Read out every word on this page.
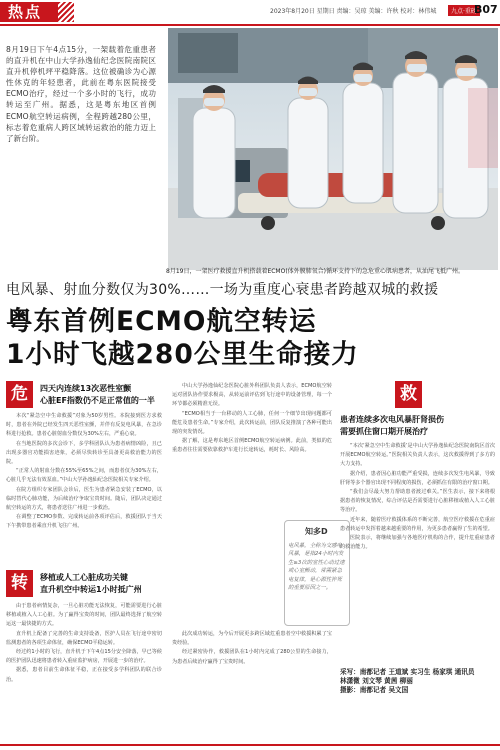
热点	2023年8月20日 星期日 责编：吴琼 美编：许秋 校对：林伟城	九点·重磅
B07
8月19日下午4点15分，一架载着危重患者的直升机在中山大学孙逸仙纪念医院南院区直升机停机坪平稳降落。这位被确诊为心源性休克的年轻患者，此前在粤东医院接受ECMO治疗，经过一个多小时的飞行，成功转运至广州。据悉，这是粤东地区首例ECMO航空转运病例，全程跨越280公里，标志着危重病人跨区域转运救治的能力迈上了新台阶。
8月19日，一架医疗救援直升机搭载着ECMO(体外膜肺氧合)循环支持下的急危重心肌病患者，从汕尾飞抵广州。
电风暴、射血分数仅为30%……一场为重度心衰患者跨越双城的救援
粤东首例ECMO航空转运
1小时飞越280公里生命接力
危	四天内连续13次恶性室颤
心脏EF指数仍不足正常值的一半

本次“紧急空中生命救援”对象为50岁男性。本院接到医方求救时，患者在外院已经发生四天恶性室颤，并伴有反复电风暴，在急诊科进行抢救。患者心脏射血分数仅为30%左右，严重心衰。

在当地医院的多次会诊下，多学科团队认为患者病情凶险，且已出现多器官功能损害迹象，必须尽快转诊至具备更高救治能力的医院。

“正常人的射血分数在55%至65%之间，而患者仅为30%左右，心脏几乎无法有效泵血。”中山大学孙逸仙纪念医院相关专家介绍。

在院方组织专家团队会诊后，医生为患者紧急安装了ECMO，以临时替代心肺功能，为后续治疗争取宝贵时间。随后，团队决定通过航空转运的方式，将患者送往广州进一步救治。

在调整了ECMO参数、完成转运前各项评估后，救援团队于当天下午携带患者乘直升机飞往广州。

转	移植或人工心脏成功关键
直升机空中转运1小时抵广州

由于患者病情复杂，一旦心脏功能无法恢复，可能需要进行心脏移植或植入人工心脏。为了赢得宝贵的时间，团队最终选择了航空转运这一最快捷的方式。

直升机上配备了完善的生命支持设备，医护人员在飞行途中密切监测患者的各项生命体征，确保ECMO平稳运转。

经过约1小时的飞行，直升机于下午4点15分安全降落，早已等候的医护团队迅速将患者转入重症监护病房，开展进一步的治疗。

据悉，患者目前生命体征平稳，正在接受多学科团队的联合诊治。

中山大学孙逸仙纪念医院心脏外科团队负责人表示，ECMO航空转运对团队协作要求极高，从转运前评估到飞行途中的设备管理，每一个环节都必须精准无误。

“ECMO相当于一台移动的人工心肺，任何一个细节出现问题都可能危及患者生命。”专家介绍，此次转运前，团队反复推演了各种可能出现的突发情况。

据了解，这是粤东地区首例ECMO航空转运病例。此前，类似的危重患者往往需要依靠救护车进行长途转运，耗时长、风险高。

此次成功转运，为今后开展更多跨区域危重患者空中救援积累了宝贵经验。

经过紧密协作，救援团队在1小时内完成了280公里的生命接力，为患者后续治疗赢得了宝贵时间。

知多D
电风暴，全称为交感电风暴，是指24小时内发生≥3次的室性心动过速或心室颤动，常需紧急电复律，是心源性猝死的重要原因之一。
救
患者连续多次电风暴肝肾损伤
需要抓住窗口期开展治疗

“本次‘紧急空中生命救援’是中山大学孙逸仙纪念医院南院区首次开展ECMO航空转运。”医院相关负责人表示，这次救援得到了多方的大力支持。

据介绍，患者因心脏功能严重受损，连续多次发生电风暴，导致肝肾等多个器官出现不同程度的损伤，必须抓住有限的治疗窗口期。

“我们会尽最大努力帮助患者渡过难关。”医生表示，接下来将根据患者的恢复情况，综合评估是否需要进行心脏移植或植入人工心脏等治疗。

近年来，随着医疗救援体系的不断完善，航空医疗救援在危重症患者转运中发挥着越来越重要的作用，为更多患者赢得了生的希望。

医院表示，将继续加强与各地医疗机构的合作，提升危重症患者的救治能力。

采写：南都记者 王道斌 实习生 杨家琪 通讯员
林潇微 刘文琴 黄茜 柳丽
摄影：南都记者 吴文国
